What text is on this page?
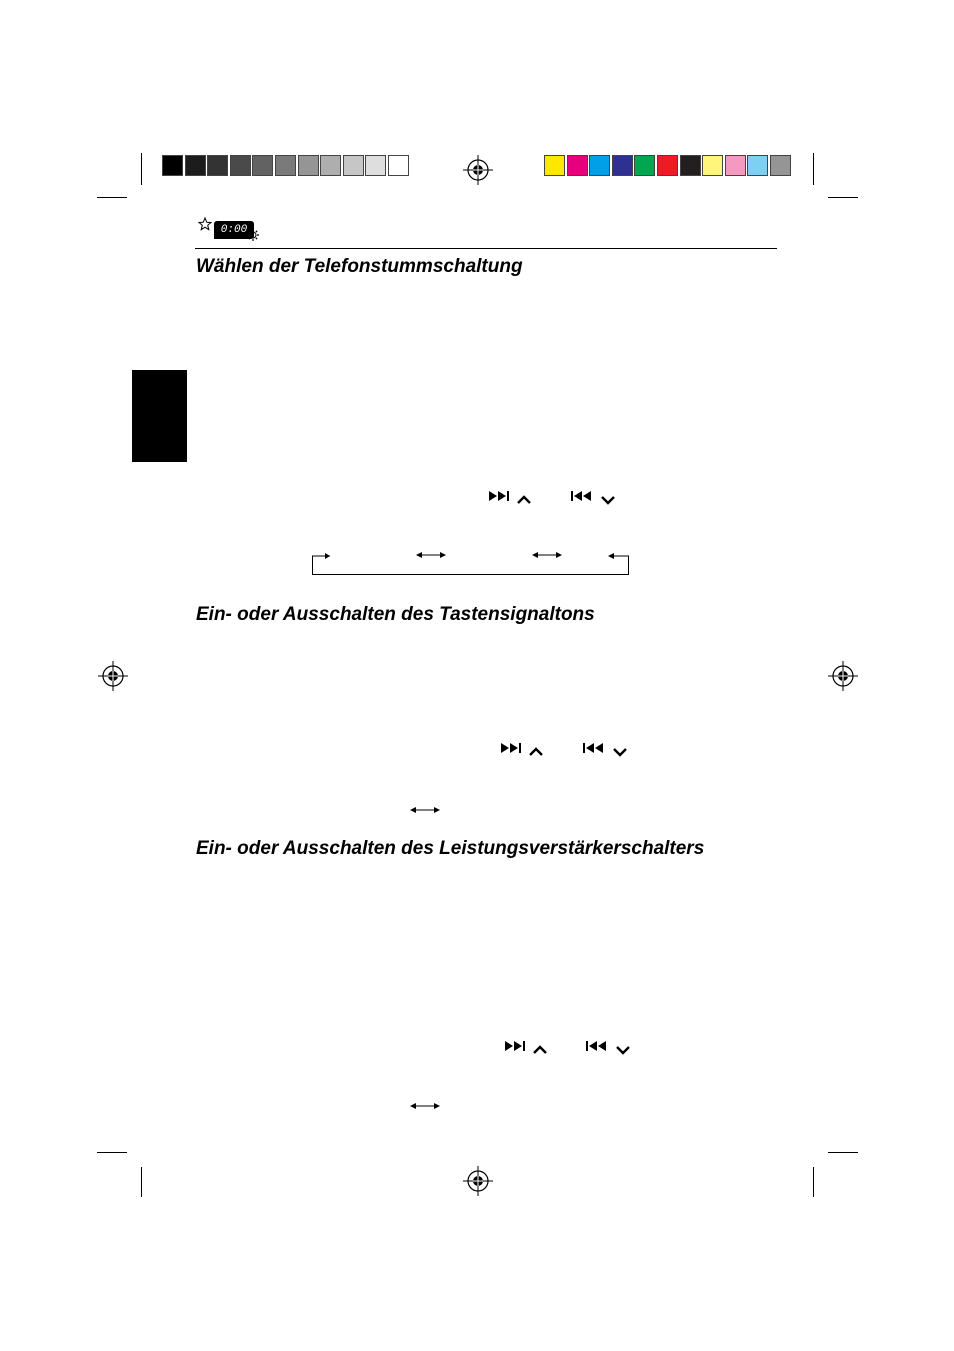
0:00
Wählen der Telefonstummschaltung
Ein- oder Ausschalten des Tastensignaltons
Ein- oder Ausschalten des Leistungsverstärkerschalters
